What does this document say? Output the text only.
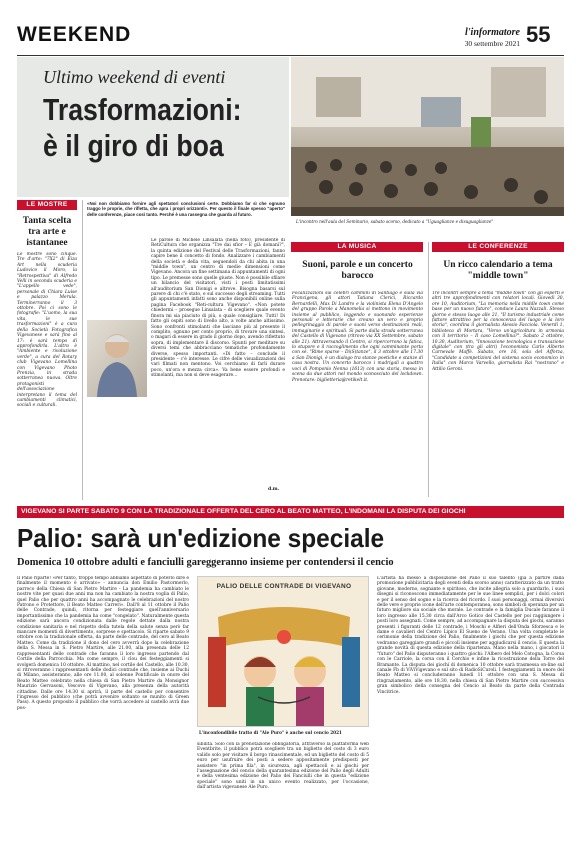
WEEKEND	l'informatore
30 settembre 2021 55
Ultimo weekend di eventi
Trasformazioni:
è il giro di boa
L'incontro nell'aula del Seminario, sabato scorso, dedicato a "Uguaglianze e disuguaglianze"
LE MOSTRE
Tanta scelta tra arte e istantanee
Le mostre sono cinque. Tre d'arte: "7X2" di Eiza Art nella scuderia Ludovico il Moro, la "Retrospettiva" di Alfredo Velli in seconda scuderia e "L'appello vede", personale di Chiara Luise e palazzo Merula. Terminerranno il 3 ottobre. Poi ci sono le fotografie: "L'uomo, la sua vita, le sue trasformazioni" è a cura della Società Fotografica Vigevanese e sarà fino al 17: è sarà tempo di approfondirla. L'altra è "Ambiente e rivoluzione verde", a cura del Rotary club Vigevano Lomellina con Vigevano Photo Prenzia, in strada sotterranea nuova. Oltre protagonisti dell'associazione interpretano il tema del cambiamenti climatici, sociali e culturali.
«Noi non dobbiamo fornire agli spettatori conclusioni certe. Dobbiamo far sì che ognuno traggo le proprie, che rifletta, che apra i propri orizzonti». Per questo il finale spesso "aperto" delle conferenze, piace così tanto. Perché è una rassegna che guarda al futuro.
Le parole di Michele Linsalata (nella foto), presidente di RetiCultura che organizza "Tre dai sfior – E già domani?", la quinta edizione del Festival delle Trasformazioni, fanno capire bene il concetto di fondo. Analizzare i cambiamenti della società e della vita, seguendoli da chi abita in una "middle town", un centro di medie dimensioni come Vigevano. Ancora un fine settimana di appuntamenti di ogni tipo. Le premesse sono quelle giuste. Non è possibile sfilare un bilancio del visitatori, visti i posti limitatissimi all'auditorium San Dionigi e altrove. Bisogna basarsi sul parere di chi c'è stato, e sul successo degli streaming. Tutti gli appuntamenti infatti sono anche disponibili online sulla pagina Facebook "Reti-cultura Vigevano". «Non potete chiedermi – prosegue Linsalata – di scegliere quale evento finora mi sia piaciuto di più, o quale consigliare. Tutti! Di fatto gli ospiti sono di livello alto, a volte anche altissimo. Sono confronti stimolanti che lasciano più al presente il complito, ognuno per conto proprio, di trovare una sintesi, o magari di essere in grado il giorno dopo, avendo riflettuto sopra, di implementare il discorso. Spunti per meditare su diversi temi che abbracciano tematiche profondamente diverse, spesso importanti. «Di fatto – conclude il presidente – c'è interesse. Le cifre delle visualizzazioni dei vari filmati non mentono. Voi cerchiamo di farli durare poco, un'ora e mezza circa». Va bene essere profondi e stimolanti, ma non si deve esagerare...
d.m.
LA MUSICA
Suoni, parole e un concerto barocco
Focalizzazioni sui celebri cammini di Santiago e sulla via Francigena, gli attori Tatiana Clerici, Riccardo Bernardelli, Max Di Landro e la violinista Elena D'Angelo del gruppo Parole a Manomelia si mettono in movimento insieme al pubblico, leggendo e suonando esperienze personali e letterarie che creano un vero e proprio pellegrinaggio di parole e suoni verso destinazioni reali, immaginarie e spirituali. Si parte dalla strada sotterranea del Castello di Vigevano (ritrovo via XX Settembre, sabato alle 21). Attraversando il Centro, si ripercorrono la fatica, lo stupore e il raccoglimento che ogni camminante porta con sé. "Rime sparse – Di(S)tanze", il 3 ottobre alle 17.30 a San Dionigi, è un dialogo tra stanze poetiche e stanze di casa nostra. Un concerto barocco i madrigali a quattro voci di Pomponio Nenna (1613) con una storia, messa in scena da due attori nel mondo sconosciuto del lockdown. Prenotare: biglietteria@retikelt.it.
LE CONFERENZE
Un ricco calendario a tema "middle town"
Tre incontri sempre a tema "middle town" con gli esperti e altri tre approfondimenti con relatori locali. Giovedì 30, ore 10, Auditorium, "La memoria nella middle town come base per un nuovo futuro", conduce Laura Nazzali. Stesso giorno e stesso luogo alle 21, "Il turismo industriale come fattore attrattivo per la conoscenza del luogo e la loro storia", coordina il giornalista Alessio Facciola. Venerdì 1, biblioteca di Mortara, "Verso un'agricoltura in armonia con il territorio – Il caso Lomellina?". Sabato 2 ottobre, 10.30, Auditorium, "Innovazione tecnologica e transazione digitale" con (tra gli altri) l'economista Carlo Alberto Carnevale Maffè. Sabato, ore 16, sola del Afforza, "Candidate a competizioni del sistema socio economico in Italia" con Marco Varvello, giornalista Rai "nostrano" e Attilio Geroni.
VIGEVANO SI PARTE SABATO 9 CON LA TRADIZIONALE OFFERTA DEL CERO AL BEATO MATTEO, L'INDOMANI LA DISPUTA DEI GIOCHI
Palio: sarà un'edizione speciale
Domenica 10 ottobre adulti e fanciulli gareggeranno insieme per contendersi il cencio
Il Palio riparte! «Per tanto, troppo tempo abbiamo aspettato di poterlo dire e finalmente il momento è arrivato» - annuncia don Emilio Pastormerlo, parroco della Chiesa di San Pietro Martire - La pandemia ha cambiato le nostre vite per quasi due anni ma non ha cambiato la nostra voglia di Palio, quel Palio che per quattro anni ha accompagnato le celebrazioni del nostro Patrono e Protettore, il Beato Matteo Carreri». Dall'8 al 11 ottobre il Palio delle Contrade, quindi, ritorna per festeggiare quell'anniversario importantissimo che la pandemia ha come "congelato". Naturalmente questa edizione sarà ancora condizionata dalle regole dettate dalla nostra condizione sanitaria e nel rispetto della tutela della salute senza però far mancare momenti di divertimento, sorprese e spettacolo. Si riparte sabato 9 ottobre con la tradizionale offerta, da parte delle contrade, del cero al Beato Matteo. Come da tradizione il dono del cero avverrà dopo la celebrazione della S. Messa in S. Pietro Martire, alle 21.00, alla presenza delle 12 rappresentanti delle contrade che faranno il loro ingresso partendo dal Cortile della Parrocchia. Ma come sempre, il clou dei festeggiamenti si svolgerà domenica 10 ottobre. Al mattino, nel cortile del Castello, alle 10.30, si ritroveranno i rappresentanti delle dodici contrade che, insieme ai Duchi di Milano, assisteranno, alle ore 11.00, al solenne Pontificale in onore del Beato Matteo celebrato nella chiesa di San Pietro Martire da Monsignor Maurizio Gervasoni, Vescovo di Vigevano, alla presenza della autorità cittadine. Dalle ore 14.30 si aprirà, il parte del castello per consentire l'ingresso del pubblico (che potrà avvenire soltanto se munito di Green Pass). A questo proposito il pubblico che vorrà accedere al castello avrà due pos-
PALIO DELLE CONTRADE DI VIGEVANO
L'inconfondibile tratto di "Ale Puro" è anche sul cencio 2021
sibilità. Solo con la prenotazione obbligatoria, attraverso la piattaforma web Eventbrite, il pubblico potrà scegliere tra un biglietto del costo di 3 euro valido solo per visitare il borgo rinascimentale, ed un biglietto del costo di 5 euro per usufruire dei posti a sedere appositamente predisposti per assistere "in prima fila", in sicurezza, agli spettacoli e ai giochi per l'assegnazione del cencio della quarantesima edizione del Palio degli Adulti e della ventesima edizione del Palio dei Fanciulli che in questa "edizione speciale" sono uniti in un unico evento realizzato, per l'occasione, dall'artista vigevanese Ale Puro.
L'artista ha messo a disposizione del Palio il suo talento (già a partire dalla promozione pubblicitaria degli eventi della scorso anno) caratterizzato da un tratto giovane, moderno, sognante e spiritoso, che incite allegria solo a guardarlo, i suoi disegni si riconoscono immediatamente per le sue linee semplici, per i dolci colori e per il senso del sogno e la ricerca del ricordo. I suoi personaggi, ormai diversivi delle vere e proprie icone dell'arte contemporanea, sono simboli di speranza per un futuro migliore sia sociale che morale. Le contrade e la famiglia Ducale faranno il loro ingresso alle 15.30 circa dall'Arco Gotico del Castello per poi raggiungere i posti loro assegnati. Come sempre, ad accompagnare la disputa dei giochi, saranno presenti i figuranti delle 12 contrade, i Moschi e Alfieri dell'Onda Sforzesca e le dame e cavalieri del Centro Lipico El Sueno de Verano. Una volta completate le cerimonie della tradizione del Palio, finalmente i giochi che per questa edizione vedranno gareggiare grandi e piccoli insieme per aggiudicarsi il cencio. E questa la grande novità di questa edizione della ripartenza. Mano nella mano, i giocatori il "futuro" del Palio disputeranno i quattro giochi: l'Albero del Melo Cotogna, la Corsa con le Carriole, la corsa con il Cerchio e infine la ricostruzione della Torre del Bramante. La disputa dei giochi di domenica 10 ottobre sarà trasmessa on-line sul canale Fb di ViViVigevano e sul sito di RadioSiCuroli. I festeggiamenti in onore del Beato Matteo si concluderanno lunedì 11 ottobre con una S. Messa di ringraziamento, alle ore 18.30, nella chiesa di San Pietro Martire con successiva gran simbolico della consegna del Cencio al Beato da parte della Contrada Vincitrice.
